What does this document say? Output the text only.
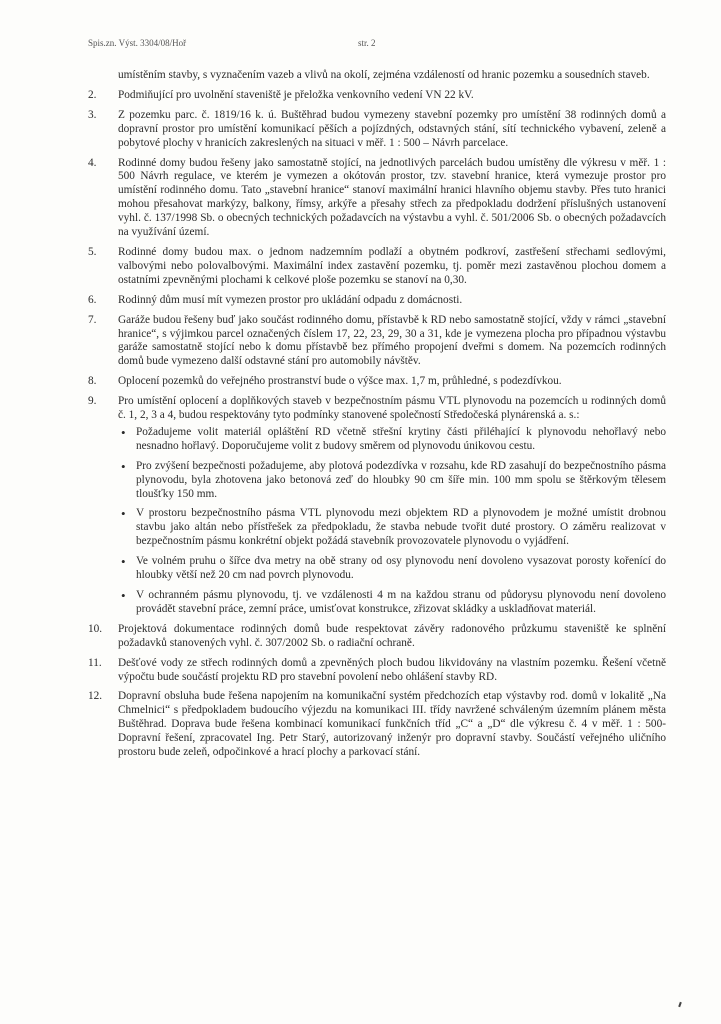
Spis.zn. Výst. 3304/08/Hoř	str. 2
umístěním stavby, s vyznačením vazeb a vlivů na okolí, zejména vzdáleností od hranic pozemku a sousedních staveb.
2.	Podmiňující pro uvolnění staveniště je přeložka venkovního vedení VN 22 kV.
3.	Z pozemku parc. č. 1819/16 k. ú. Buštěhrad budou vymezeny stavební pozemky pro umístění 38 rodinných domů a dopravní prostor pro umístění komunikací pěších a pojízdných, odstavných stání, sítí technického vybavení, zeleně a pobytové plochy v hranicích zakreslených na situaci v měř. 1 : 500 – Návrh parcelace.
4.	Rodinné domy budou řešeny jako samostatně stojící, na jednotlivých parcelách budou umístěny dle výkresu v měř. 1 : 500 Návrh regulace, ve kterém je vymezen a okótován prostor, tzv. stavební hranice, která vymezuje prostor pro umístění rodinného domu. Tato „stavební hranice“ stanoví maximální hranici hlavního objemu stavby. Přes tuto hranici mohou přesahovat markýzy, balkony, římsy, arkýře a přesahy střech za předpokladu dodržení příslušných ustanovení vyhl. č. 137/1998 Sb. o obecných technických požadavcích na výstavbu a vyhl. č. 501/2006 Sb. o obecných požadavcích na využívání území.
5.	Rodinné domy budou max. o jednom nadzemním podlaží a obytném podkroví, zastřešení střechami sedlovými, valbovými nebo polovalbovými. Maximální index zastavění pozemku, tj. poměr mezi zastavěnou plochou domem a ostatními zpevněnými plochami k celkové ploše pozemku se stanoví na 0,30.
6.	Rodinný dům musí mít vymezen prostor pro ukládání odpadu z domácnosti.
7.	Garáže budou řešeny buď jako součást rodinného domu, přístavbě k RD nebo samostatně stojící, vždy v rámci „stavební hranice“, s výjimkou parcel označených číslem 17, 22, 23, 29, 30 a 31, kde je vymezena plocha pro případnou výstavbu garáže samostatně stojící nebo k domu přístavbě bez přímého propojení dveřmi s domem. Na pozemcích rodinných domů bude vymezeno další odstavné stání pro automobily návštěv.
8.	Oplocení pozemků do veřejného prostranství bude o výšce max. 1,7 m, průhledné, s podezdívkou.
9.	Pro umístění oplocení a doplňkových staveb v bezpečnostním pásmu VTL plynovodu na pozemcích u rodinných domů č. 1, 2, 3 a 4, budou respektovány tyto podmínky stanovené společností Středočeská plynárenská a. s.:
• Požadujeme volit materiál opláštění RD včetně střešní krytiny části přiléhající k plynovodu nehořlavý nebo nesnadno hořlavý. Doporučujeme volit z budovy směrem od plynovodu únikovou cestu.
• Pro zvýšení bezpečnosti požadujeme, aby plotová podezdívka v rozsahu, kde RD zasahují do bezpečnostního pásma plynovodu, byla zhotovena jako betonová zeď do hloubky 90 cm šíře min. 100 mm spolu se štěrkovým tělesem tloušťky 150 mm.
• V prostoru bezpečnostního pásma VTL plynovodu mezi objektem RD a plynovodem je možné umístit drobnou stavbu jako altán nebo přístřešek za předpokladu, že stavba nebude tvořit duté prostory. O záměru realizovat v bezpečnostním pásmu konkrétní objekt požádá stavebník provozovatele plynovodu o vyjádření.
• Ve volném pruhu o šířce dva metry na obě strany od osy plynovodu není dovoleno vysazovat porosty kořenící do hloubky větší než 20 cm nad povrch plynovodu.
• V ochranném pásmu plynovodu, tj. ve vzdálenosti 4 m na každou stranu od půdorysu plynovodu není dovoleno provádět stavební práce, zemní práce, umisťovat konstrukce, zřizovat skládky a uskladňovat materiál.
10.	Projektová dokumentace rodinných domů bude respektovat závěry radonového průzkumu staveniště ke splnění požadavků stanovených vyhl. č. 307/2002 Sb. o radiační ochraně.
11.	Dešťové vody ze střech rodinných domů a zpevněných ploch budou likvidovány na vlastním pozemku. Řešení včetně výpočtu bude součástí projektu RD pro stavební povolení nebo ohlášení stavby RD.
12.	Dopravní obsluha bude řešena napojením na komunikační systém předchozích etap výstavby rod. domů v lokalitě „Na Chmelnici“ s předpokladem budoucího výjezdu na komunikaci III. třídy navržené schváleným územním plánem města Buštěhrad. Doprava bude řešena kombinací komunikací funkčních tříd „C“ a „D“ dle výkresu č. 4 v měř. 1 : 500-Dopravní řešení, zpracovatel Ing. Petr Starý, autorizovaný inženýr pro dopravní stavby. Součástí veřejného uličního prostoru bude zeleň, odpočinkové a hrací plochy a parkovací stání.
